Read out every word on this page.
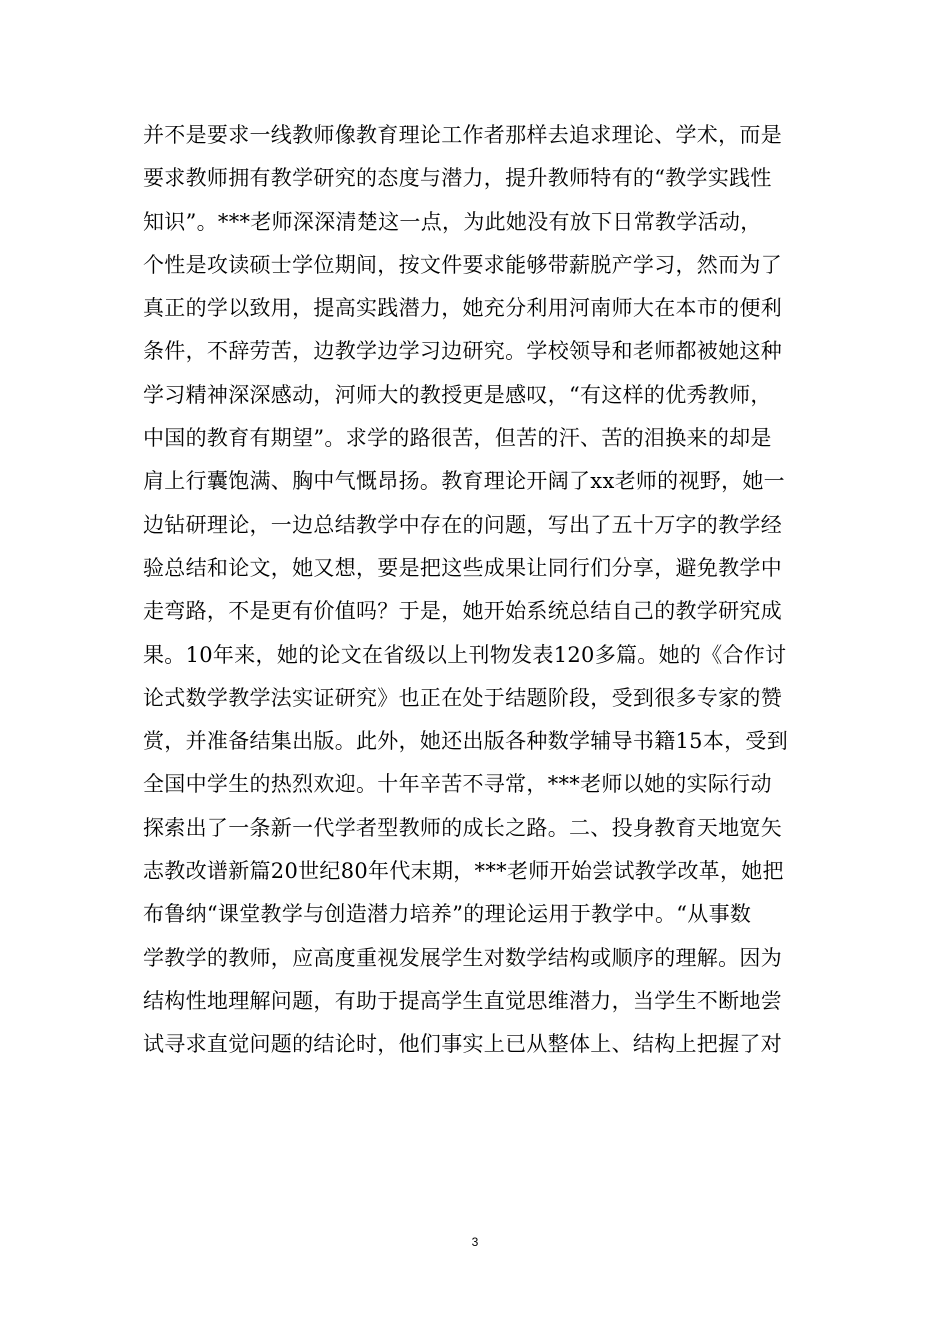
并不是要求一线教师像教育理论工作者那样去追求理论、学术，而是
要求教师拥有教学研究的态度与潜力，提升教师特有的“教学实践性
知识”。***老师深深清楚这一点，为此她没有放下日常教学活动，
个性是攻读硕士学位期间，按文件要求能够带薪脱产学习，然而为了
真正的学以致用，提高实践潜力，她充分利用河南师大在本市的便利
条件，不辞劳苦，边教学边学习边研究。学校领导和老师都被她这种
学习精神深深感动，河师大的教授更是感叹，“有这样的优秀教师，
中国的教育有期望”。求学的路很苦，但苦的汗、苦的泪换来的却是
肩上行囊饱满、胸中气慨昂扬。教育理论开阔了xx老师的视野，她一
边钻研理论，一边总结教学中存在的问题，写出了五十万字的教学经
验总结和论文，她又想，要是把这些成果让同行们分享，避免教学中
走弯路，不是更有价值吗？于是，她开始系统总结自己的教学研究成
果。10年来，她的论文在省级以上刊物发表120多篇。她的《合作讨
论式数学教学法实证研究》也正在处于结题阶段，受到很多专家的赞
赏，并准备结集出版。此外，她还出版各种数学辅导书籍15本，受到
全国中学生的热烈欢迎。十年辛苦不寻常，***老师以她的实际行动
探索出了一条新一代学者型教师的成长之路。二、投身教育天地宽矢
志教改谱新篇20世纪80年代末期，***老师开始尝试教学改革，她把
布鲁纳“课堂教学与创造潜力培养”的理论运用于教学中。“从事数
学教学的教师，应高度重视发展学生对数学结构或顺序的理解。因为
结构性地理解问题，有助于提高学生直觉思维潜力，当学生不断地尝
试寻求直觉问题的结论时，他们事实上已从整体上、结构上把握了对
3
